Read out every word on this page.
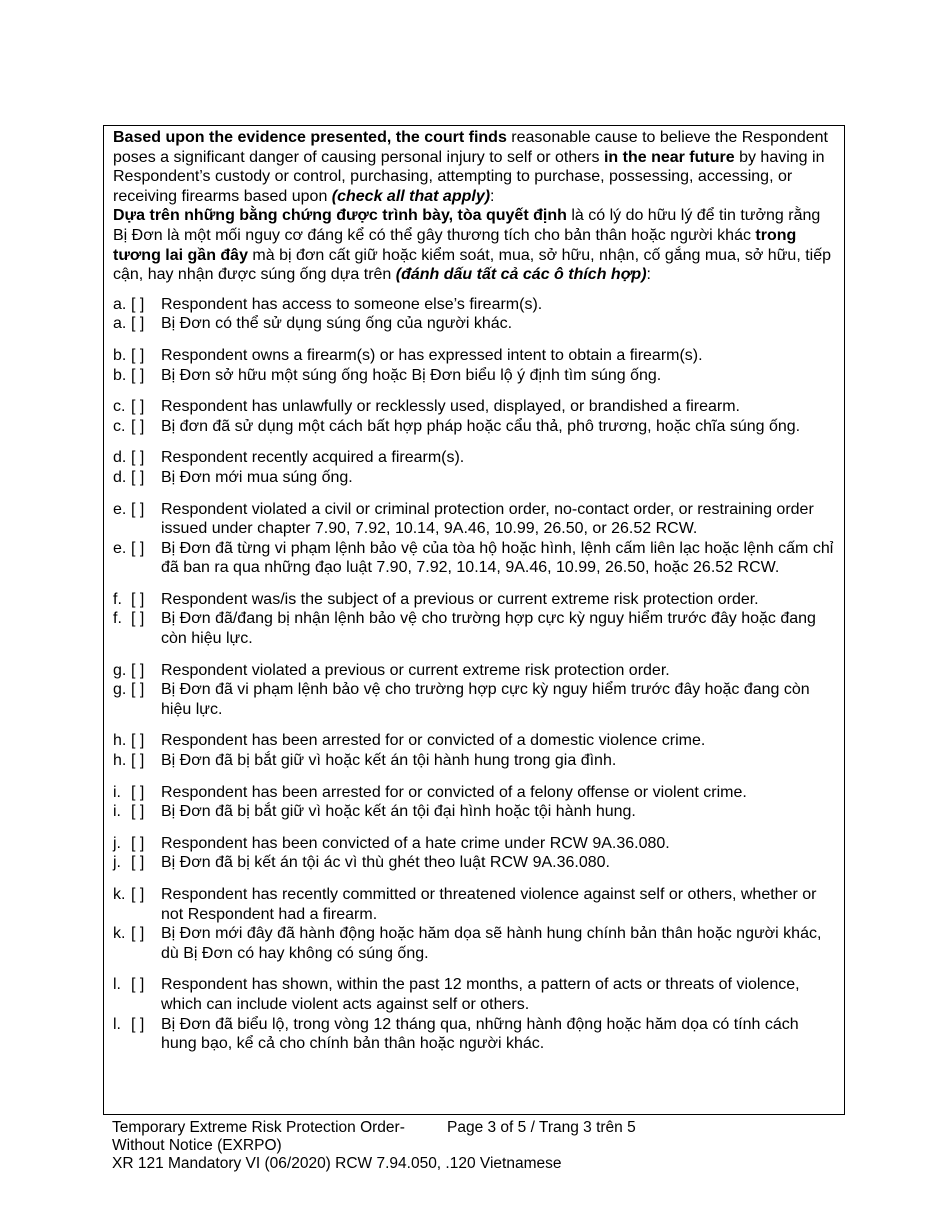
Based upon the evidence presented, the court finds reasonable cause to believe the Respondent poses a significant danger of causing personal injury to self or others in the near future by having in Respondent’s custody or control, purchasing, attempting to purchase, possessing, accessing, or receiving firearms based upon (check all that apply):

Dựa trên những bằng chứng được trình bày, tòa quyết định là có lý do hữu lý để tin tưởng rằng Bị Đơn là một mối nguy cơ đáng kể có thể gây thương tích cho bản thân hoặc người khác trong tương lai gần đây mà bị đơn cất giữ hoặc kiểm soát, mua, sở hữu, nhận, cố gắng mua, sở hữu, tiếp cận, hay nhận được súng ống dựa trên (đánh dấu tất cả các ô thích hợp):

a. [ ]	Respondent has access to someone else’s firearm(s).
a. [ ]	Bị Đơn có thể sử dụng súng ống của người khác.
b. [ ]	Respondent owns a firearm(s) or has expressed intent to obtain a firearm(s).
b. [ ]	Bị Đơn sở hữu một súng ống hoặc Bị Đơn biểu lộ ý định tìm súng ống.
c. [ ]	Respondent has unlawfully or recklessly used, displayed, or brandished a firearm.
c. [ ]	Bị đơn đã sử dụng một cách bất hợp pháp hoặc cẩu thả, phô trương, hoặc chĩa súng ống.
d. [ ]	Respondent recently acquired a firearm(s).
d. [ ]	Bị Đơn mới mua súng ống.
e. [ ]	Respondent violated a civil or criminal protection order, no-contact order, or restraining order issued under chapter 7.90, 7.92, 10.14, 9A.46, 10.99, 26.50, or 26.52 RCW.
e. [ ]	Bị Đơn đã từng vi phạm lệnh bảo vệ của tòa hộ hoặc hình, lệnh cấm liên lạc hoặc lệnh cấm chỉ đã ban ra qua những đạo luật 7.90, 7.92, 10.14, 9A.46, 10.99, 26.50, hoặc 26.52 RCW.
f. [ ]	Respondent was/is the subject of a previous or current extreme risk protection order.
f. [ ]	Bị Đơn đã/đang bị nhận lệnh bảo vệ cho trường hợp cực kỳ nguy hiểm trước đây hoặc đang còn hiệu lực.
g. [ ]	Respondent violated a previous or current extreme risk protection order.
g. [ ]	Bị Đơn đã vi phạm lệnh bảo vệ cho trường hợp cực kỳ nguy hiểm trước đây hoặc đang còn hiệu lực.
h. [ ]	Respondent has been arrested for or convicted of a domestic violence crime.
h. [ ]	Bị Đơn đã bị bắt giữ vì hoặc kết án tội hành hung trong gia đình.
i. [ ]	Respondent has been arrested for or convicted of a felony offense or violent crime.
i. [ ]	Bị Đơn đã bị bắt giữ vì hoặc kết án tội đại hình hoặc tội hành hung.
j. [ ]	Respondent has been convicted of a hate crime under RCW 9A.36.080.
j. [ ]	Bị Đơn đã bị kết án tội ác vì thù ghét theo luật RCW 9A.36.080.
k. [ ]	Respondent has recently committed or threatened violence against self or others, whether or not Respondent had a firearm.
k. [ ]	Bị Đơn mới đây đã hành động hoặc hăm dọa sẽ hành hung chính bản thân hoặc người khác, dù Bị Đơn có hay không có súng ống.
l. [ ]	Respondent has shown, within the past 12 months, a pattern of acts or threats of violence, which can include violent acts against self or others.
l. [ ]	Bị Đơn đã biểu lộ, trong vòng 12 tháng qua, những hành động hoặc hăm dọa có tính cách hung bạo, kể cả cho chính bản thân hoặc người khác.
Temporary Extreme Risk Protection Order-	Page 3 of 5 / Trang 3 trên 5
Without Notice (EXRPO)
XR 121 Mandatory VI (06/2020) RCW 7.94.050, .120 Vietnamese
